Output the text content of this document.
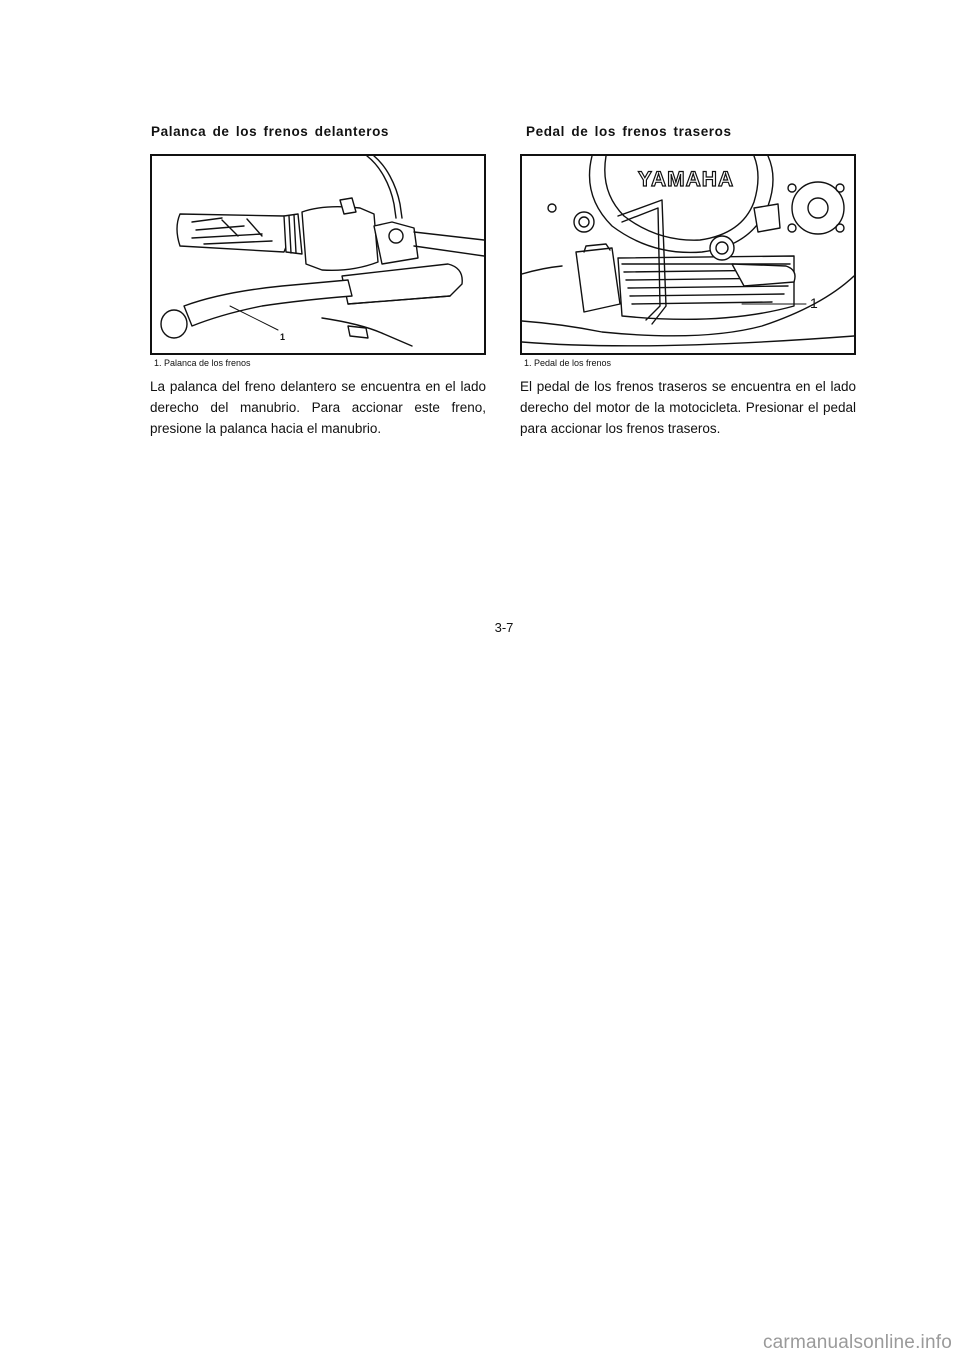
Palanca de los frenos delanteros
1
1. Palanca de los frenos

La palanca del freno delantero se encuentra en el lado derecho del manubrio. Para accionar este freno, presione la palanca hacia el manubrio.

Pedal de los frenos traseros
YAMAHA
1
1. Pedal de los frenos

El pedal de los frenos traseros se encuentra en el lado derecho del motor de la motocicleta. Presionar el pedal para accionar los frenos traseros.

3-7
carmanualsonline.info
